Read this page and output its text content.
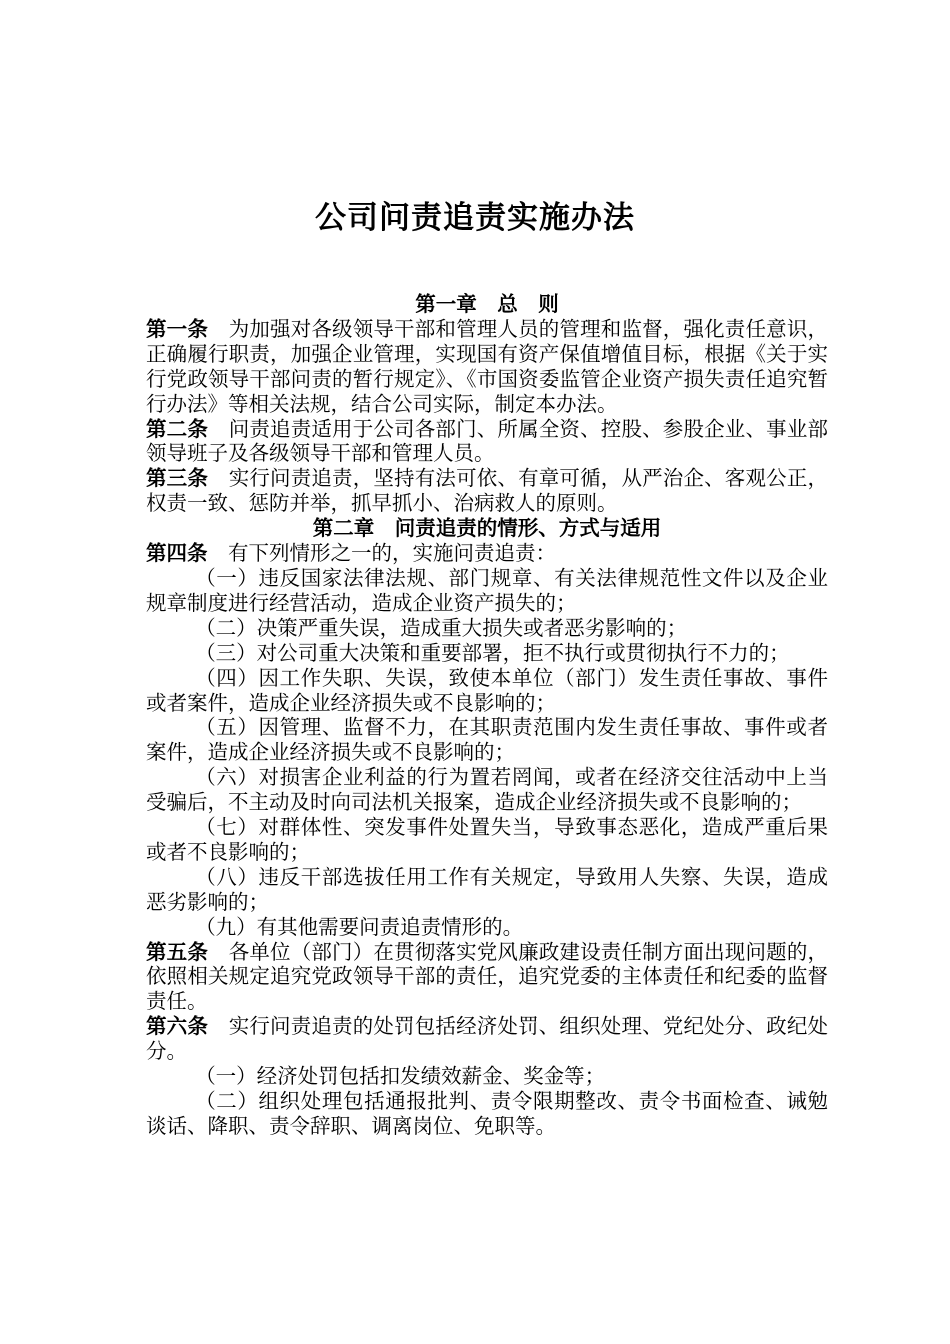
公司问责追责实施办法

第一章　总　则

第一条　为加强对各级领导干部和管理人员的管理和监督，强化责任意识，正确履行职责，加强企业管理，实现国有资产保值增值目标，根据《关于实行党政领导干部问责的暂行规定》、《市国资委监管企业资产损失责任追究暂行办法》等相关法规，结合公司实际，制定本办法。

第二条　问责追责适用于公司各部门、所属全资、控股、参股企业、事业部领导班子及各级领导干部和管理人员。

第三条　实行问责追责，坚持有法可依、有章可循，从严治企、客观公正，权责一致、惩防并举，抓早抓小、治病救人的原则。

第二章　问责追责的情形、方式与适用

第四条　有下列情形之一的，实施问责追责：

（一）违反国家法律法规、部门规章、有关法律规范性文件以及企业规章制度进行经营活动，造成企业资产损失的；

（二）决策严重失误，造成重大损失或者恶劣影响的；

（三）对公司重大决策和重要部署，拒不执行或贯彻执行不力的；

（四）因工作失职、失误，致使本单位（部门）发生责任事故、事件或者案件，造成企业经济损失或不良影响的；

（五）因管理、监督不力，在其职责范围内发生责任事故、事件或者案件，造成企业经济损失或不良影响的；

（六）对损害企业利益的行为置若罔闻，或者在经济交往活动中上当受骗后，不主动及时向司法机关报案，造成企业经济损失或不良影响的；

（七）对群体性、突发事件处置失当，导致事态恶化，造成严重后果或者不良影响的；

（八）违反干部选拔任用工作有关规定，导致用人失察、失误，造成恶劣影响的；

（九）有其他需要问责追责情形的。

第五条　各单位（部门）在贯彻落实党风廉政建设责任制方面出现问题的，依照相关规定追究党政领导干部的责任，追究党委的主体责任和纪委的监督责任。

第六条　实行问责追责的处罚包括经济处罚、组织处理、党纪处分、政纪处分。

（一）经济处罚包括扣发绩效薪金、奖金等；

（二）组织处理包括通报批判、责令限期整改、责令书面检查、诫勉谈话、降职、责令辞职、调离岗位、免职等。
